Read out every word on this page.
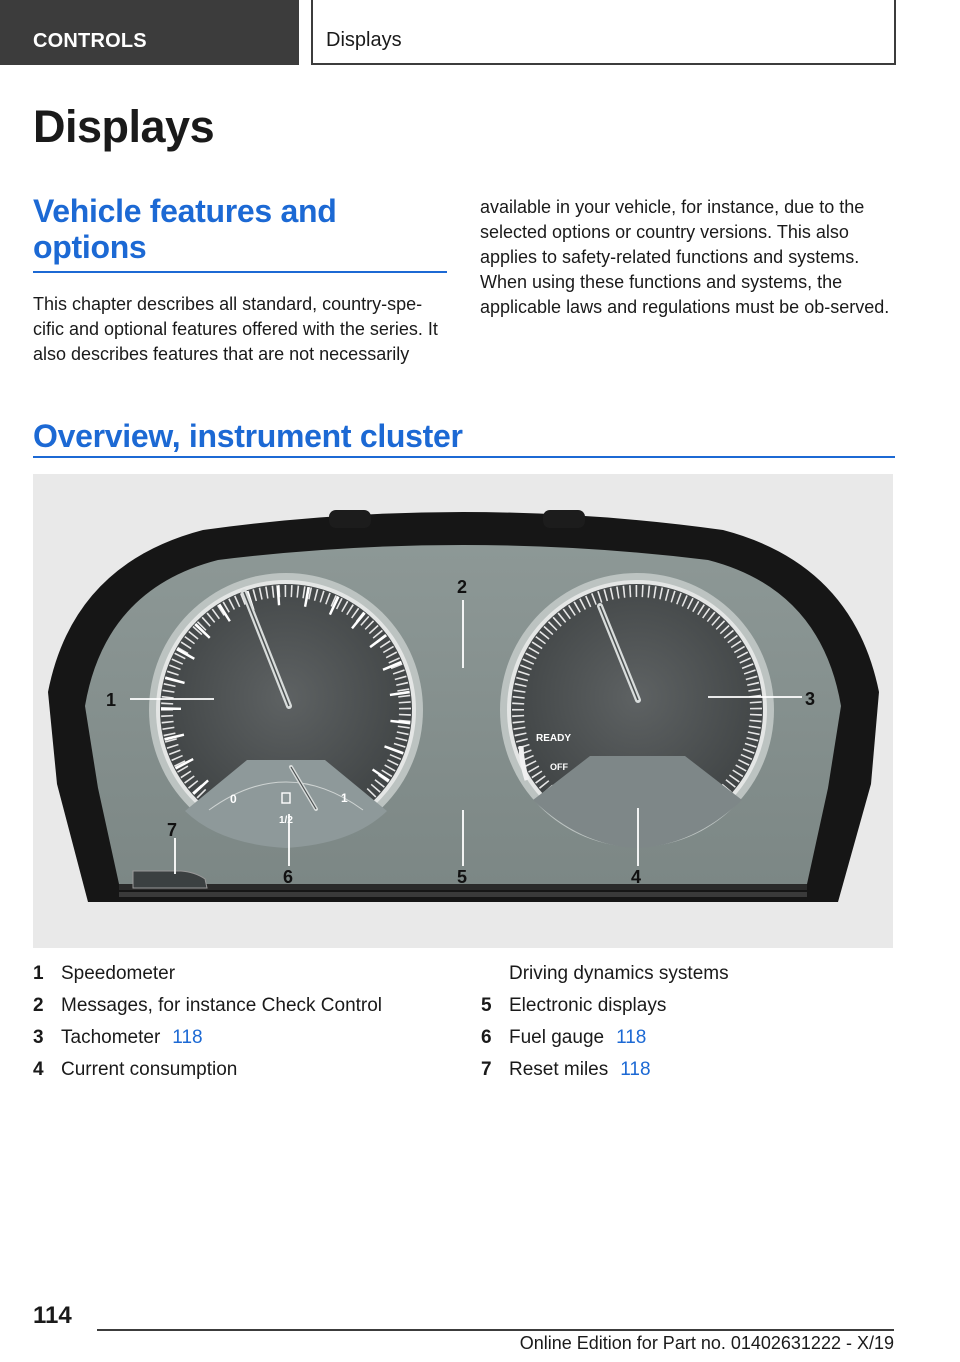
CONTROLS	Displays
Displays
Vehicle features and options

This chapter describes all standard, country-spe‐cific and optional features offered with the series. It also describes features that are not necessarily

available in your vehicle, for instance, due to the selected options or country versions. This also applies to safety-related functions and systems. When using these functions and systems, the applicable laws and regulations must be ob‐served.

Overview, instrument cluster
0	1
1/2
READY
OFF
1
2
3
4
5
6
7
1 Speedometer
2 Messages, for instance Check Control
3 Tachometer 118
4 Current consumption
Driving dynamics systems
5 Electronic displays
6 Fuel gauge 118
7 Reset miles 118
114
Online Edition for Part no. 01402631222 - X/19
